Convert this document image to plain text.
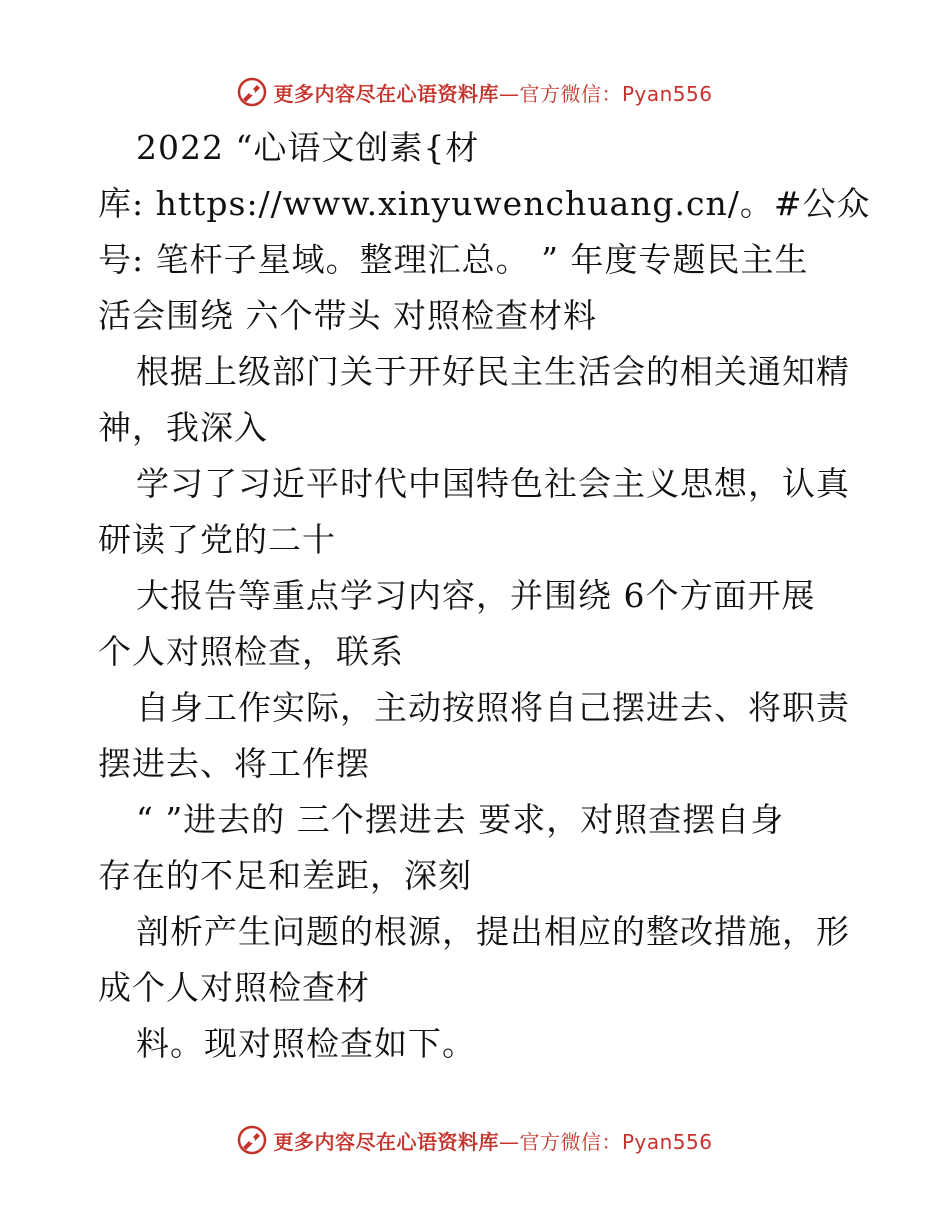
更多内容尽在心语资料库—官方微信：Pyan556

2022 “心语文创素{材
库: https://www.xinyuwenchuang.cn/。#公众
号: 笔杆子星域。整理汇总。 ” 年度专题民主生
活会围绕 六个带头 对照检查材料

根据上级部门关于开好民主生活会的相关通知精
神，我深入

学习了习近平时代中国特色社会主义思想，认真
研读了党的二十

大报告等重点学习内容，并围绕 6个方面开展
个人对照检查，联系

自身工作实际，主动按照将自己摆进去、将职责
摆进去、将工作摆

“ ”进去的 三个摆进去 要求，对照查摆自身
存在的不足和差距，深刻

剖析产生问题的根源，提出相应的整改措施，形
成个人对照检查材

料。现对照检查如下。

更多内容尽在心语资料库—官方微信：Pyan556
